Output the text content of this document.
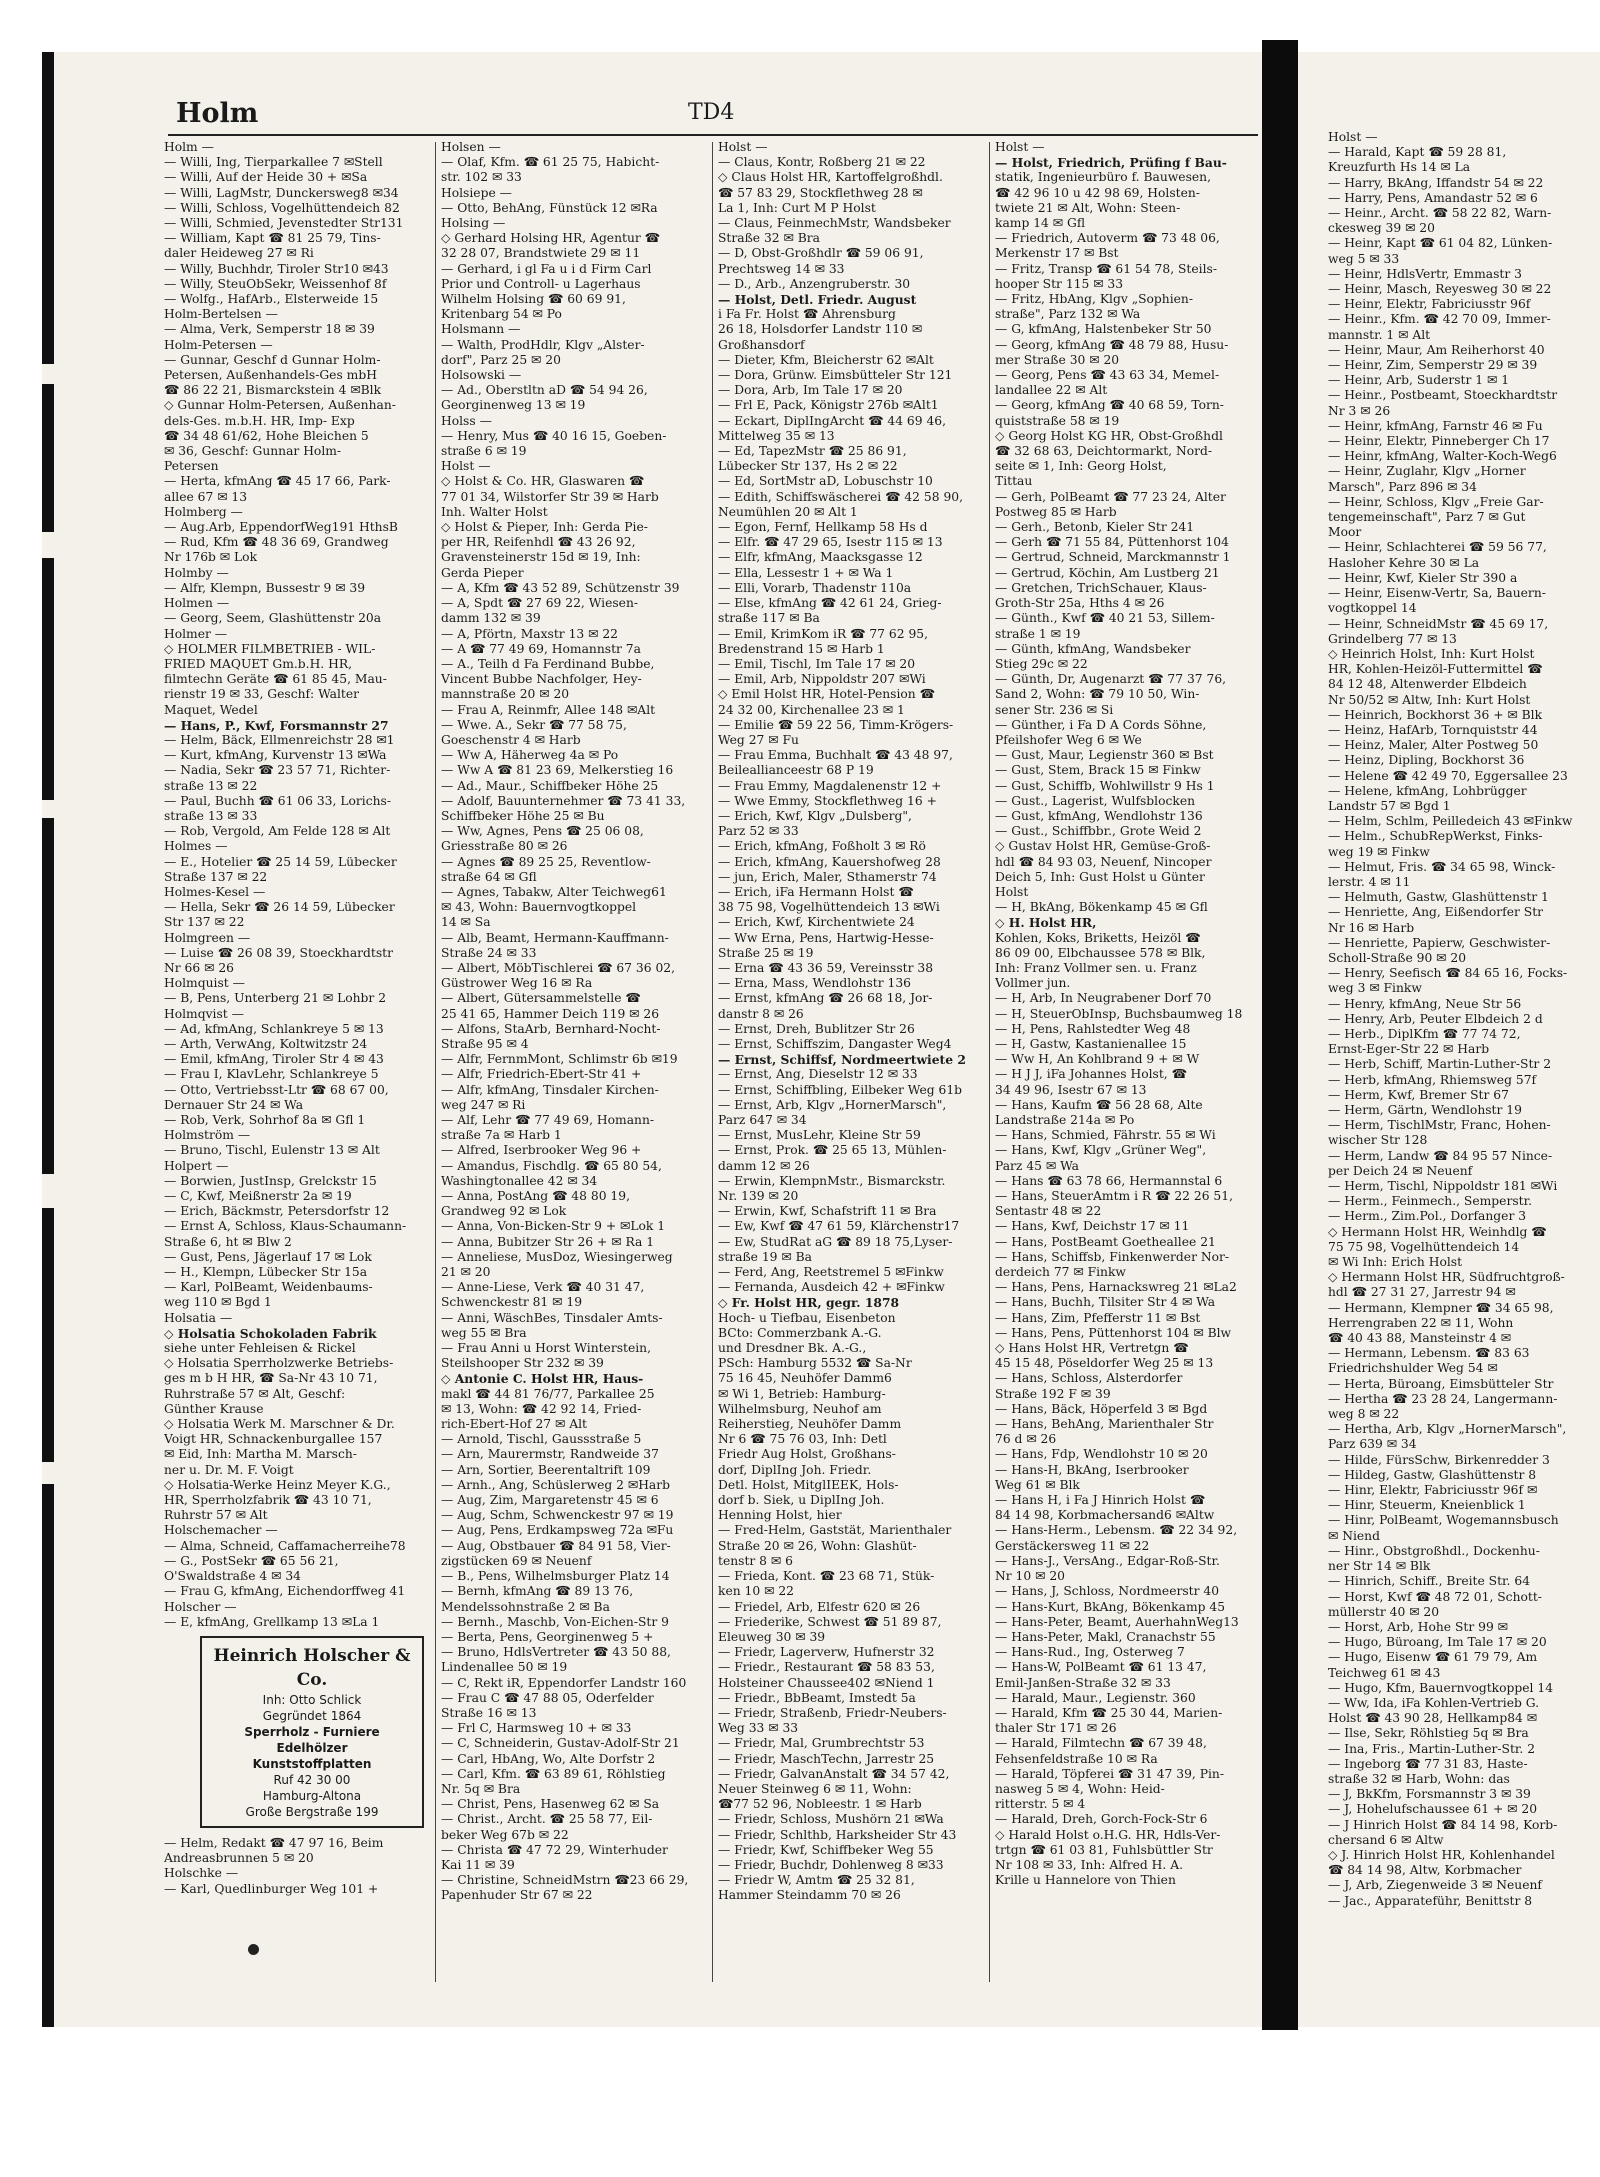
Holm	TD4
Holm —
— Willi, Ing, Tierparkallee 7 ✉Stell
— Willi, Auf der Heide 30 + ✉Sa
— Willi, LagMstr, Dunckersweg8 ✉34
— Willi, Schloss, Vogelhüttendeich 82
— Willi, Schmied, Jevenstedter Str131
— William, Kapt ☎ 81 25 79, Tins-
daler Heideweg 27 ✉ Ri
— Willy, Buchhdr, Tiroler Str10 ✉43
— Willy, SteuObSekr, Weissenhof 8f
— Wolfg., HafArb., Elsterweide 15
Holm-Bertelsen —
— Alma, Verk, Semperstr 18 ✉ 39
Holm-Petersen —
— Gunnar, Geschf d Gunnar Holm-
Petersen, Außenhandels-Ges mbH
☎ 86 22 21, Bismarckstein 4 ✉Blk
◇ Gunnar Holm-Petersen, Außenhan-
dels-Ges. m.b.H. HR, Imp- Exp
☎ 34 48 61/62, Hohe Bleichen 5
✉ 36, Geschf: Gunnar Holm-
Petersen
— Herta, kfmAng ☎ 45 17 66, Park-
allee 67 ✉ 13
Holmberg —
— Aug.Arb, EppendorfWeg191 HthsB
— Rud, Kfm ☎ 48 36 69, Grandweg
Nr 176b ✉ Lok
Holmby —
— Alfr, Klempn, Bussestr 9 ✉ 39
Holmen —
— Georg, Seem, Glashüttenstr 20a
Holmer —
◇ HOLMER FILMBETRIEB - WIL-
FRIED MAQUET Gm.b.H. HR,
filmtechn Geräte ☎ 61 85 45, Mau-
rienstr 19 ✉ 33, Geschf: Walter
Maquet, Wedel
— Hans, P., Kwf, Forsmannstr 27
— Helm, Bäck, Ellmenreichstr 28 ✉1
— Kurt, kfmAng, Kurvenstr 13 ✉Wa
— Nadia, Sekr ☎ 23 57 71, Richter-
straße 13 ✉ 22
— Paul, Buchh ☎ 61 06 33, Lorichs-
straße 13 ✉ 33
— Rob, Vergold, Am Felde 128 ✉ Alt
Holmes —
— E., Hotelier ☎ 25 14 59, Lübecker
Straße 137 ✉ 22
Holmes-Kesel —
— Hella, Sekr ☎ 26 14 59, Lübecker
Str 137 ✉ 22
Holmgreen —
— Luise ☎ 26 08 39, Stoeckhardtstr
Nr 66 ✉ 26
Holmquist —
— B, Pens, Unterberg 21 ✉ Lohbr 2
Holmqvist —
— Ad, kfmAng, Schlankreye 5 ✉ 13
— Arth, VerwAng, Koltwitzstr 24
— Emil, kfmAng, Tiroler Str 4 ✉ 43
— Frau I, KlavLehr, Schlankreye 5
— Otto, Vertriebsst-Ltr ☎ 68 67 00,
Dernauer Str 24 ✉ Wa
— Rob, Verk, Sohrhof 8a ✉ Gfl 1
Holmström —
— Bruno, Tischl, Eulenstr 13 ✉ Alt
Holpert —
— Borwien, JustInsp, Grelckstr 15
— C, Kwf, Meißnerstr 2a ✉ 19
— Erich, Bäckmstr, Petersdorfstr 12
— Ernst A, Schloss, Klaus-Schaumann-
Straße 6, ht ✉ Blw 2
— Gust, Pens, Jägerlauf 17 ✉ Lok
— H., Klempn, Lübecker Str 15a
— Karl, PolBeamt, Weidenbaums-
weg 110 ✉ Bgd 1
Holsatia —
◇ Holsatia Schokoladen Fabrik
siehe unter Fehleisen & Rickel
◇ Holsatia Sperrholzwerke Betriebs-
ges m b H HR, ☎ Sa-Nr 43 10 71,
Ruhrstraße 57 ✉ Alt, Geschf:
Günther Krause
◇ Holsatia Werk M. Marschner & Dr.
Voigt HR, Schnackenburgallee 157
✉ Eid, Inh: Martha M. Marsch-
ner u. Dr. M. F. Voigt
◇ Holsatia-Werke Heinz Meyer K.G.,
HR, Sperrholzfabrik ☎ 43 10 71,
Ruhrstr 57 ✉ Alt
Holschemacher —
— Alma, Schneid, Caffamacherreihe78
— G., PostSekr ☎ 65 56 21,
O'Swaldstraße 4 ✉ 34
— Frau G, kfmAng, Eichendorffweg 41
Holscher —
— E, kfmAng, Grellkamp 13 ✉La 1
Heinrich Holscher & Co.
Inh: Otto Schlick
Gegründet 1864
Sperrholz - Furniere
Edelhölzer
Kunststoffplatten
Ruf 42 30 00
Hamburg-Altona
Große Bergstraße 199
— Helm, Redakt ☎ 47 97 16, Beim
Andreasbrunnen 5 ✉ 20
Holschke —
— Karl, Quedlinburger Weg 101 +
Holsen —
— Olaf, Kfm. ☎ 61 25 75, Habicht-
str. 102 ✉ 33
Holsiepe —
— Otto, BehAng, Fünstück 12 ✉Ra
Holsing —
◇ Gerhard Holsing HR, Agentur ☎
32 28 07, Brandstwiete 29 ✉ 11
— Gerhard, i gl Fa u i d Firm Carl
Prior und Controll- u Lagerhaus
Wilhelm Holsing ☎ 60 69 91,
Kritenbarg 54 ✉ Po
Holsmann —
— Walth, ProdHdlr, Klgv „Alster-
dorf", Parz 25 ✉ 20
Holsowski —
— Ad., Oberstltn aD ☎ 54 94 26,
Georginenweg 13 ✉ 19
Holss —
— Henry, Mus ☎ 40 16 15, Goeben-
straße 6 ✉ 19
Holst —
◇ Holst & Co. HR, Glaswaren ☎
77 01 34, Wilstorfer Str 39 ✉ Harb
Inh. Walter Holst
◇ Holst & Pieper, Inh: Gerda Pie-
per HR, Reifenhdl ☎ 43 26 92,
Gravensteinerstr 15d ✉ 19, Inh:
Gerda Pieper
— A, Kfm ☎ 43 52 89, Schützenstr 39
— A, Spdt ☎ 27 69 22, Wiesen-
damm 132 ✉ 39
— A, Pförtn, Maxstr 13 ✉ 22
— A ☎ 77 49 69, Homannstr 7a
— A., Teilh d Fa Ferdinand Bubbe,
Vincent Bubbe Nachfolger, Hey-
mannstraße 20 ✉ 20
— Frau A, Reinmfr, Allee 148 ✉Alt
— Wwe. A., Sekr ☎ 77 58 75,
Goeschenstr 4 ✉ Harb
— Ww A, Häherweg 4a ✉ Po
— Ww A ☎ 81 23 69, Melkerstieg 16
— Ad., Maur., Schiffbeker Höhe 25
— Adolf, Bauunternehmer ☎ 73 41 33,
Schiffbeker Höhe 25 ✉ Bu
— Ww, Agnes, Pens ☎ 25 06 08,
Griesstraße 80 ✉ 26
— Agnes ☎ 89 25 25, Reventlow-
straße 64 ✉ Gfl
— Agnes, Tabakw, Alter Teichweg61
✉ 43, Wohn: Bauernvogtkoppel
14 ✉ Sa
— Alb, Beamt, Hermann-Kauffmann-
Straße 24 ✉ 33
— Albert, MöbTischlerei ☎ 67 36 02,
Güstrower Weg 16 ✉ Ra
— Albert, Gütersammelstelle ☎
25 41 65, Hammer Deich 119 ✉ 26
— Alfons, StaArb, Bernhard-Nocht-
Straße 95 ✉ 4
— Alfr, FernmMont, Schlimstr 6b ✉19
— Alfr, Friedrich-Ebert-Str 41 +
— Alfr, kfmAng, Tinsdaler Kirchen-
weg 247 ✉ Ri
— Alf, Lehr ☎ 77 49 69, Homann-
straße 7a ✉ Harb 1
— Alfred, Iserbrooker Weg 96 +
— Amandus, Fischdlg. ☎ 65 80 54,
Washingtonallee 42 ✉ 34
— Anna, PostAng ☎ 48 80 19,
Grandweg 92 ✉ Lok
— Anna, Von-Bicken-Str 9 + ✉Lok 1
— Anna, Bubitzer Str 26 + ✉ Ra 1
— Anneliese, MusDoz, Wiesingerweg
21 ✉ 20
— Anne-Liese, Verk ☎ 40 31 47,
Schwenckestr 81 ✉ 19
— Anni, WäschBes, Tinsdaler Amts-
weg 55 ✉ Bra
— Frau Anni u Horst Winterstein,
Steilshooper Str 232 ✉ 39
◇ Antonie C. Holst HR, Haus-
makl ☎ 44 81 76/77, Parkallee 25
✉ 13, Wohn: ☎ 42 92 14, Fried-
rich-Ebert-Hof 27 ✉ Alt
— Arnold, Tischl, Gaussstraße 5
— Arn, Maurermstr, Randweide 37
— Arn, Sortier, Beerentaltrift 109
— Arnh., Ang, Schüslerweg 2 ✉Harb
— Aug, Zim, Margaretenstr 45 ✉ 6
— Aug, Schm, Schwenckestr 97 ✉ 19
— Aug, Pens, Erdkampsweg 72a ✉Fu
— Aug, Obstbauer ☎ 84 91 58, Vier-
zigstücken 69 ✉ Neuenf
— B., Pens, Wilhelmsburger Platz 14
— Bernh, kfmAng ☎ 89 13 76,
Mendelssohnstraße 2 ✉ Ba
— Bernh., Maschb, Von-Eichen-Str 9
— Berta, Pens, Georginenweg 5 +
— Bruno, HdlsVertreter ☎ 43 50 88,
Lindenallee 50 ✉ 19
— C, Rekt iR, Eppendorfer Landstr 160
— Frau C ☎ 47 88 05, Oderfelder
Straße 16 ✉ 13
— Frl C, Harmsweg 10 + ✉ 33
— C, Schneiderin, Gustav-Adolf-Str 21
— Carl, HbAng, Wo, Alte Dorfstr 2
— Carl, Kfm. ☎ 63 89 61, Röhlstieg
Nr. 5q ✉ Bra
— Christ, Pens, Hasenweg 62 ✉ Sa
— Christ., Archt. ☎ 25 58 77, Eil-
beker Weg 67b ✉ 22
— Christa ☎ 47 72 29, Winterhuder
Kai 11 ✉ 39
— Christine, SchneidMstrn ☎23 66 29,
Papenhuder Str 67 ✉ 22
Holst —
— Claus, Kontr, Roßberg 21 ✉ 22
◇ Claus Holst HR, Kartoffelgroßhdl.
☎ 57 83 29, Stockflethweg 28 ✉
La 1, Inh: Curt M P Holst
— Claus, FeinmechMstr, Wandsbeker
Straße 32 ✉ Bra
— D, Obst-Großhdlr ☎ 59 06 91,
Prechtsweg 14 ✉ 33
— D., Arb., Anzengruberstr. 30
— Holst, Detl. Friedr. August
i Fa Fr. Holst ☎ Ahrensburg
26 18, Holsdorfer Landstr 110 ✉
Großhansdorf
— Dieter, Kfm, Bleicherstr 62 ✉Alt
— Dora, Grünw. Eimsbütteler Str 121
— Dora, Arb, Im Tale 17 ✉ 20
— Frl E, Pack, Königstr 276b ✉Alt1
— Eckart, DiplIngArcht ☎ 44 69 46,
Mittelweg 35 ✉ 13
— Ed, TapezMstr ☎ 25 86 91,
Lübecker Str 137, Hs 2 ✉ 22
— Ed, SortMstr aD, Lobuschstr 10
— Edith, Schiffswäscherei ☎ 42 58 90,
Neumühlen 20 ✉ Alt 1
— Egon, Fernf, Hellkamp 58 Hs d
— Elfr. ☎ 47 29 65, Isestr 115 ✉ 13
— Elfr, kfmAng, Maacksgasse 12
— Ella, Lessestr 1 + ✉ Wa 1
— Elli, Vorarb, Thadenstr 110a
— Else, kfmAng ☎ 42 61 24, Grieg-
straße 117 ✉ Ba
— Emil, KrimKom iR ☎ 77 62 95,
Bredenstrand 15 ✉ Harb 1
— Emil, Tischl, Im Tale 17 ✉ 20
— Emil, Arb, Nippoldstr 207 ✉Wi
◇ Emil Holst HR, Hotel-Pension ☎
24 32 00, Kirchenallee 23 ✉ 1
— Emilie ☎ 59 22 56, Timm-Krögers-
Weg 27 ✉ Fu
— Frau Emma, Buchhalt ☎ 43 48 97,
Beileallianceestr 68 P 19
— Frau Emmy, Magdalenenstr 12 +
— Wwe Emmy, Stockflethweg 16 +
— Erich, Kwf, Klgv „Dulsberg",
Parz 52 ✉ 33
— Erich, kfmAng, Foßholt 3 ✉ Rö
— Erich, kfmAng, Kauershofweg 28
— jun, Erich, Maler, Sthamerstr 74
— Erich, iFa Hermann Holst ☎
38 75 98, Vogelhüttendeich 13 ✉Wi
— Erich, Kwf, Kirchentwiete 24
— Ww Erna, Pens, Hartwig-Hesse-
Straße 25 ✉ 19
— Erna ☎ 43 36 59, Vereinsstr 38
— Erna, Mass, Wendlohstr 136
— Ernst, kfmAng ☎ 26 68 18, Jor-
danstr 8 ✉ 26
— Ernst, Dreh, Bublitzer Str 26
— Ernst, Schiffszim, Dangaster Weg4
— Ernst, Schiffsf, Nordmeertwiete 2
— Ernst, Ang, Dieselstr 12 ✉ 33
— Ernst, Schiffbling, Eilbeker Weg 61b
— Ernst, Arb, Klgv „HornerMarsch",
Parz 647 ✉ 34
— Ernst, MusLehr, Kleine Str 59
— Ernst, Prok. ☎ 25 65 13, Mühlen-
damm 12 ✉ 26
— Erwin, KlempnMstr., Bismarckstr.
Nr. 139 ✉ 20
— Erwin, Kwf, Schafstrift 11 ✉ Bra
— Ew, Kwf ☎ 47 61 59, Klärchenstr17
— Ew, StudRat aG ☎ 89 18 75,Lyser-
straße 19 ✉ Ba
— Ferd, Ang, Reetstremel 5 ✉Finkw
— Fernanda, Ausdeich 42 + ✉Finkw
◇ Fr. Holst HR, gegr. 1878
Hoch- u Tiefbau, Eisenbeton
BCto: Commerzbank A.-G.
und Dresdner Bk. A.-G.,
PSch: Hamburg 5532 ☎ Sa-Nr
75 16 45, Neuhöfer Damm6
✉ Wi 1, Betrieb: Hamburg-
Wilhelmsburg, Neuhof am
Reiherstieg, Neuhöfer Damm
Nr 6 ☎ 75 76 03, Inh: Detl
Friedr Aug Holst, Großhans-
dorf, DiplIng Joh. Friedr.
Detl. Holst, MitglIEEK, Hols-
dorf b. Siek, u DiplIng Joh.
Henning Holst, hier
— Fred-Helm, Gaststät, Marienthaler
Straße 20 ✉ 26, Wohn: Glashüt-
tenstr 8 ✉ 6
— Frieda, Kont. ☎ 23 68 71, Stük-
ken 10 ✉ 22
— Friedel, Arb, Elfestr 620 ✉ 26
— Friederike, Schwest ☎ 51 89 87,
Eleuweg 30 ✉ 39
— Friedr, Lagerverw, Hufnerstr 32
— Friedr., Restaurant ☎ 58 83 53,
Holsteiner Chaussee402 ✉Niend 1
— Friedr., BbBeamt, Imstedt 5a
— Friedr, Straßenb, Friedr-Neubers-
Weg 33 ✉ 33
— Friedr, Mal, Grumbrechtstr 53
— Friedr, MaschTechn, Jarrestr 25
— Friedr, GalvanAnstalt ☎ 34 57 42,
Neuer Steinweg 6 ✉ 11, Wohn:
☎77 52 96, Nobleestr. 1 ✉ Harb
— Friedr, Schloss, Mushörn 21 ✉Wa
— Friedr, Schlthb, Harksheider Str 43
— Friedr, Kwf, Schiffbeker Weg 55
— Friedr, Buchdr, Dohlenweg 8 ✉33
— Friedr W, Amtm ☎ 25 32 81,
Hammer Steindamm 70 ✉ 26
Holst —
— Holst, Friedrich, Prüfing f Bau-
statik, Ingenieurbüro f. Bauwesen,
☎ 42 96 10 u 42 98 69, Holsten-
twiete 21 ✉ Alt, Wohn: Steen-
kamp 14 ✉ Gfl
— Friedrich, Autoverm ☎ 73 48 06,
Merkenstr 17 ✉ Bst
— Fritz, Transp ☎ 61 54 78, Steils-
hooper Str 115 ✉ 33
— Fritz, HbAng, Klgv „Sophien-
straße", Parz 132 ✉ Wa
— G, kfmAng, Halstenbeker Str 50
— Georg, kfmAng ☎ 48 79 88, Husu-
mer Straße 30 ✉ 20
— Georg, Pens ☎ 43 63 34, Memel-
landallee 22 ✉ Alt
— Georg, kfmAng ☎ 40 68 59, Torn-
quiststraße 58 ✉ 19
◇ Georg Holst KG HR, Obst-Großhdl
☎ 32 68 63, Deichtormarkt, Nord-
seite ✉ 1, Inh: Georg Holst,
Tittau
— Gerh, PolBeamt ☎ 77 23 24, Alter
Postweg 85 ✉ Harb
— Gerh., Betonb, Kieler Str 241
— Gerh ☎ 71 55 84, Püttenhorst 104
— Gertrud, Schneid, Marckmannstr 1
— Gertrud, Köchin, Am Lustberg 21
— Gretchen, TrichSchauer, Klaus-
Groth-Str 25a, Hths 4 ✉ 26
— Günth., Kwf ☎ 40 21 53, Sillem-
straße 1 ✉ 19
— Günth, kfmAng, Wandsbeker
Stieg 29c ✉ 22
— Günth, Dr, Augenarzt ☎ 77 37 76,
Sand 2, Wohn: ☎ 79 10 50, Win-
sener Str. 236 ✉ Si
— Günther, i Fa D A Cords Söhne,
Pfeilshofer Weg 6 ✉ We
— Gust, Maur, Legienstr 360 ✉ Bst
— Gust, Stem, Brack 15 ✉ Finkw
— Gust, Schiffb, Wohlwillstr 9 Hs 1
— Gust., Lagerist, Wulfsblocken
— Gust, kfmAng, Wendlohstr 136
— Gust., Schiffbbr., Grote Weid 2
◇ Gustav Holst HR, Gemüse-Groß-
hdl ☎ 84 93 03, Neuenf, Nincoper
Deich 5, Inh: Gust Holst u Günter
Holst
— H, BkAng, Bökenkamp 45 ✉ Gfl
◇ H. Holst HR,
Kohlen, Koks, Briketts, Heizöl ☎
86 09 00, Elbchaussee 578 ✉ Blk,
Inh: Franz Vollmer sen. u. Franz
Vollmer jun.
— H, Arb, In Neugrabener Dorf 70
— H, SteuerObInsp, Buchsbaumweg 18
— H, Pens, Rahlstedter Weg 48
— H, Gastw, Kastanienallee 15
— Ww H, An Kohlbrand 9 + ✉ W
— H J J, iFa Johannes Holst, ☎
34 49 96, Isestr 67 ✉ 13
— Hans, Kaufm ☎ 56 28 68, Alte
Landstraße 214a ✉ Po
— Hans, Schmied, Fährstr. 55 ✉ Wi
— Hans, Kwf, Klgv „Grüner Weg",
Parz 45 ✉ Wa
— Hans ☎ 63 78 66, Hermannstal 6
— Hans, SteuerAmtm i R ☎ 22 26 51,
Sentastr 48 ✉ 22
— Hans, Kwf, Deichstr 17 ✉ 11
— Hans, PostBeamt Goetheallee 21
— Hans, Schiffsb, Finkenwerder Nor-
derdeich 77 ✉ Finkw
— Hans, Pens, Harnackswreg 21 ✉La2
— Hans, Buchh, Tilsiter Str 4 ✉ Wa
— Hans, Zim, Pfefferstr 11 ✉ Bst
— Hans, Pens, Püttenhorst 104 ✉ Blw
◇ Hans Holst HR, Vertretgn ☎
45 15 48, Pöseldorfer Weg 25 ✉ 13
— Hans, Schloss, Alsterdorfer
Straße 192 F ✉ 39
— Hans, Bäck, Höperfeld 3 ✉ Bgd
— Hans, BehAng, Marienthaler Str
76 d ✉ 26
— Hans, Fdp, Wendlohstr 10 ✉ 20
— Hans-H, BkAng, Iserbrooker
Weg 61 ✉ Blk
— Hans H, i Fa J Hinrich Holst ☎
84 14 98, Korbmachersand6 ✉Altw
— Hans-Herm., Lebensm. ☎ 22 34 92,
Gerstäckersweg 11 ✉ 22
— Hans-J., VersAng., Edgar-Roß-Str.
Nr 10 ✉ 20
— Hans, J, Schloss, Nordmeerstr 40
— Hans-Kurt, BkAng, Bökenkamp 45
— Hans-Peter, Beamt, AuerhahnWeg13
— Hans-Peter, Makl, Cranachstr 55
— Hans-Rud., Ing, Osterweg 7
— Hans-W, PolBeamt ☎ 61 13 47,
Emil-Janßen-Straße 32 ✉ 33
— Harald, Maur., Legienstr. 360
— Harald, Kfm ☎ 25 30 44, Marien-
thaler Str 171 ✉ 26
— Harald, Filmtechn ☎ 67 39 48,
Fehsenfeldstraße 10 ✉ Ra
— Harald, Töpferei ☎ 31 47 39, Pin-
nasweg 5 ✉ 4, Wohn: Heid-
ritterstr. 5 ✉ 4
— Harald, Dreh, Gorch-Fock-Str 6
◇ Harald Holst o.H.G. HR, Hdls-Ver-
trtgn ☎ 61 03 81, Fuhlsbüttler Str
Nr 108 ✉ 33, Inh: Alfred H. A.
Krille u Hannelore von Thien
Holst —
— Harald, Kapt ☎ 59 28 81,
Kreuzfurth Hs 14 ✉ La
— Harry, BkAng, Iffandstr 54 ✉ 22
— Harry, Pens, Amandastr 52 ✉ 6
— Heinr., Archt. ☎ 58 22 82, Warn-
ckesweg 39 ✉ 20
— Heinr, Kapt ☎ 61 04 82, Lünken-
weg 5 ✉ 33
— Heinr, HdlsVertr, Emmastr 3
— Heinr, Masch, Reyesweg 30 ✉ 22
— Heinr, Elektr, Fabriciusstr 96f
— Heinr., Kfm. ☎ 42 70 09, Immer-
mannstr. 1 ✉ Alt
— Heinr, Maur, Am Reiherhorst 40
— Heinr, Zim, Semperstr 29 ✉ 39
— Heinr, Arb, Suderstr 1 ✉ 1
— Heinr., Postbeamt, Stoeckhardtstr
Nr 3 ✉ 26
— Heinr, kfmAng, Farnstr 46 ✉ Fu
— Heinr, Elektr, Pinneberger Ch 17
— Heinr, kfmAng, Walter-Koch-Weg6
— Heinr, Zuglahr, Klgv „Horner
Marsch", Parz 896 ✉ 34
— Heinr, Schloss, Klgv „Freie Gar-
tengemeinschaft", Parz 7 ✉ Gut
Moor
— Heinr, Schlachterei ☎ 59 56 77,
Hasloher Kehre 30 ✉ La
— Heinr, Kwf, Kieler Str 390 a
— Heinr, Eisenw-Vertr, Sa, Bauern-
vogtkoppel 14
— Heinr, SchneidMstr ☎ 45 69 17,
Grindelberg 77 ✉ 13
◇ Heinrich Holst, Inh: Kurt Holst
HR, Kohlen-Heizöl-Futtermittel ☎
84 12 48, Altenwerder Elbdeich
Nr 50/52 ✉ Altw, Inh: Kurt Holst
— Heinrich, Bockhorst 36 + ✉ Blk
— Heinz, HafArb, Tornquiststr 44
— Heinz, Maler, Alter Postweg 50
— Heinz, Dipling, Bockhorst 36
— Helene ☎ 42 49 70, Eggersallee 23
— Helene, kfmAng, Lohbrügger
Landstr 57 ✉ Bgd 1
— Helm, Schlm, Peilledeich 43 ✉Finkw
— Helm., SchubRepWerkst, Finks-
weg 19 ✉ Finkw
— Helmut, Fris. ☎ 34 65 98, Winck-
lerstr. 4 ✉ 11
— Helmuth, Gastw, Glashüttenstr 1
— Henriette, Ang, Eißendorfer Str
Nr 16 ✉ Harb
— Henriette, Papierw, Geschwister-
Scholl-Straße 90 ✉ 20
— Henry, Seefisch ☎ 84 65 16, Focks-
weg 3 ✉ Finkw
— Henry, kfmAng, Neue Str 56
— Henry, Arb, Peuter Elbdeich 2 d
— Herb., DiplKfm ☎ 77 74 72,
Ernst-Eger-Str 22 ✉ Harb
— Herb, Schiff, Martin-Luther-Str 2
— Herb, kfmAng, Rhiemsweg 57f
— Herm, Kwf, Bremer Str 67
— Herm, Gärtn, Wendlohstr 19
— Herm, TischlMstr, Franc, Hohen-
wischer Str 128
— Herm, Landw ☎ 84 95 57 Nince-
per Deich 24 ✉ Neuenf
— Herm, Tischl, Nippoldstr 181 ✉Wi
— Herm., Feinmech., Semperstr.
— Herm., Zim.Pol., Dorfanger 3
◇ Hermann Holst HR, Weinhdlg ☎
75 75 98, Vogelhüttendeich 14
✉ Wi Inh: Erich Holst
◇ Hermann Holst HR, Südfruchtgroß-
hdl ☎ 27 31 27, Jarrestr 94 ✉
— Hermann, Klempner ☎ 34 65 98,
Herrengraben 22 ✉ 11, Wohn
☎ 40 43 88, Mansteinstr 4 ✉
— Hermann, Lebensm. ☎ 83 63
Friedrichshulder Weg 54 ✉
— Herta, Büroang, Eimsbütteler Str
— Hertha ☎ 23 28 24, Langermann-
weg 8 ✉ 22
— Hertha, Arb, Klgv „HornerMarsch",
Parz 639 ✉ 34
— Hilde, FürsSchw, Birkenredder 3
— Hildeg, Gastw, Glashüttenstr 8
— Hinr, Elektr, Fabriciusstr 96f ✉
— Hinr, Steuerm, Kneienblick 1
— Hinr, PolBeamt, Wogemannsbusch
✉ Niend
— Hinr., Obstgroßhdl., Dockenhu-
ner Str 14 ✉ Blk
— Hinrich, Schiff., Breite Str. 64
— Horst, Kwf ☎ 48 72 01, Schott-
müllerstr 40 ✉ 20
— Horst, Arb, Hohe Str 99 ✉
— Hugo, Büroang, Im Tale 17 ✉ 20
— Hugo, Eisenw ☎ 61 79 79, Am
Teichweg 61 ✉ 43
— Hugo, Kfm, Bauernvogtkoppel 14
— Ww, Ida, iFa Kohlen-Vertrieb G.
Holst ☎ 43 90 28, Hellkamp84 ✉
— Ilse, Sekr, Röhlstieg 5q ✉ Bra
— Ina, Fris., Martin-Luther-Str. 2
— Ingeborg ☎ 77 31 83, Haste-
straße 32 ✉ Harb, Wohn: das
— J, BkKfm, Forsmannstr 3 ✉ 39
— J, Hohelufschaussee 61 + ✉ 20
— J Hinrich Holst ☎ 84 14 98, Korb-
chersand 6 ✉ Altw
◇ J. Hinrich Holst HR, Kohlenhandel
☎ 84 14 98, Altw, Korbmacher
— J, Arb, Ziegenweide 3 ✉ Neuenf
— Jac., Apparateführ, Benittstr 8
